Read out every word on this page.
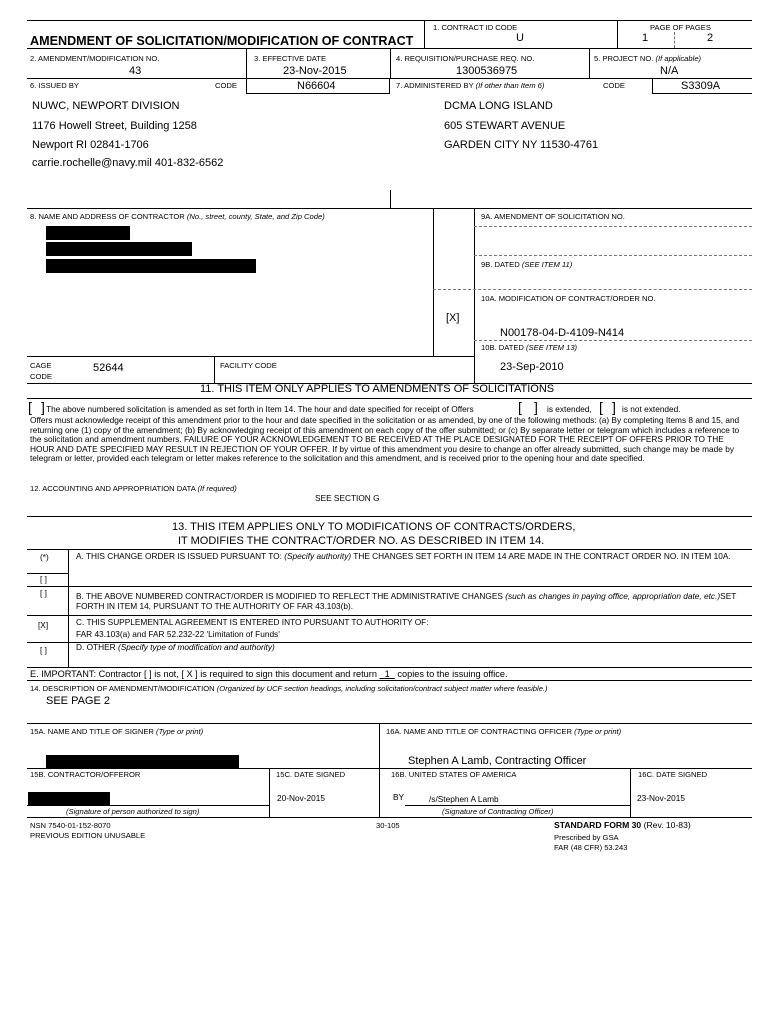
AMENDMENT OF SOLICITATION/MODIFICATION OF CONTRACT
1. CONTRACT ID CODE
U
PAGE OF PAGES
1	2
2. AMENDMENT/MODIFICATION NO.
43
3. EFFECTIVE DATE
23-Nov-2015
4. REQUISITION/PURCHASE REQ. NO.
1300536975
5. PROJECT NO. (If applicable)
N/A
6. ISSUED BY	CODE	N66604	7. ADMINISTERED BY (If other than Item 6)	CODE	S3309A
NUWC, NEWPORT DIVISION
1176 Howell Street, Building 1258
Newport RI 02841-1706
carrie.rochelle@navy.mil 401-832-6562
DCMA LONG ISLAND
605 STEWART AVENUE
GARDEN CITY NY 11530-4761
8. NAME AND ADDRESS OF CONTRACTOR (No., street, county, State, and Zip Code)	9A. AMENDMENT OF SOLICITATION NO.
9B. DATED (SEE ITEM 11)
10A. MODIFICATION OF CONTRACT/ORDER NO.
[X]
N00178-04-D-4109-N414
10B. DATED (SEE ITEM 13)
23-Sep-2010
CAGE
CODE
52644	FACILITY CODE
11. THIS ITEM ONLY APPLIES TO AMENDMENTS OF SOLICITATIONS
[ ] The above numbered solicitation is amended as set forth in Item 14. The hour and date specified for receipt of Offers	[ ] is extended, [ ] is not extended.
Offers must acknowledge receipt of this amendment prior to the hour and date specified in the solicitation or as amended, by one of the following methods: (a) By completing Items 8 and 15, and returning one (1) copy of the amendment; (b) By acknowledging receipt of this amendment on each copy of the offer submitted; or (c) By separate letter or telegram which includes a reference to the solicitation and amendment numbers. FAILURE OF YOUR ACKNOWLEDGEMENT TO BE RECEIVED AT THE PLACE DESIGNATED FOR THE RECEIPT OF OFFERS PRIOR TO THE HOUR AND DATE SPECIFIED MAY RESULT IN REJECTION OF YOUR OFFER. If by virtue of this amendment you desire to change an offer already submitted, such change may be made by telegram or letter, provided each telegram or letter makes reference to the solicitation and this amendment, and is received prior to the opening hour and date specified.
12. ACCOUNTING AND APPROPRIATION DATA (If required)
SEE SECTION G
13. THIS ITEM APPLIES ONLY TO MODIFICATIONS OF CONTRACTS/ORDERS,
IT MODIFIES THE CONTRACT/ORDER NO. AS DESCRIBED IN ITEM 14.
(*)	A. THIS CHANGE ORDER IS ISSUED PURSUANT TO: (Specify authority) THE CHANGES SET FORTH IN ITEM 14 ARE MADE IN THE CONTRACT ORDER NO. IN ITEM 10A.
[ ]
[ ]	B. THE ABOVE NUMBERED CONTRACT/ORDER IS MODIFIED TO REFLECT THE ADMINISTRATIVE CHANGES (such as changes in paying office, appropriation date, etc.)SET FORTH IN ITEM 14, PURSUANT TO THE AUTHORITY OF FAR 43.103(b).
[X]	C. THIS SUPPLEMENTAL AGREEMENT IS ENTERED INTO PURSUANT TO AUTHORITY OF:
FAR 43.103(a) and FAR 52.232-22 'Limitation of Funds'
[ ]	D. OTHER (Specify type of modification and authority)
E. IMPORTANT: Contractor [ ] is not, [ X ] is required to sign this document and return 1 copies to the issuing office.
14. DESCRIPTION OF AMENDMENT/MODIFICATION (Organized by UCF section headings, including solicitation/contract subject matter where feasible.)
SEE PAGE 2
15A. NAME AND TITLE OF SIGNER (Type or print)	16A. NAME AND TITLE OF CONTRACTING OFFICER (Type or print)
Stephen A Lamb, Contracting Officer
15B. CONTRACTOR/OFFEROR	15C. DATE SIGNED	16B. UNITED STATES OF AMERICA	16C. DATE SIGNED
20-Nov-2015	BY	/s/Stephen A Lamb	23-Nov-2015
(Signature of person authorized to sign)	(Signature of Contracting Officer)
NSN 7540-01-152-8070
PREVIOUS EDITION UNUSABLE
30-105	STANDARD FORM 30 (Rev. 10-83)
Prescribed by GSA
FAR (48 CFR) 53.243
